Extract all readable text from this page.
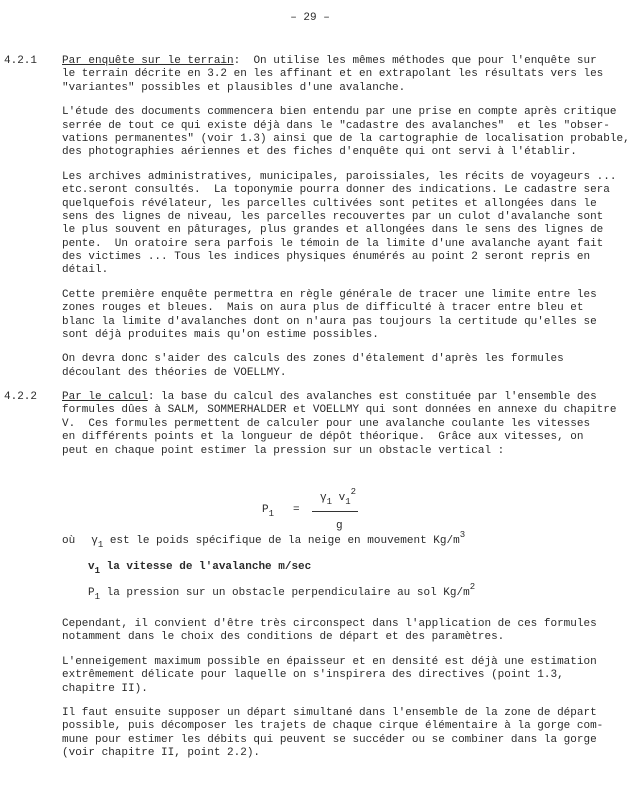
– 29 –
4.2.1 Par enquête sur le terrain:  On utilise les mêmes méthodes que pour l'enquête sur
le terrain décrite en 3.2 en les affinant et en extrapolant les résultats vers les
"variantes" possibles et plausibles d'une avalanche.
L'étude des documents commencera bien entendu par une prise en compte après critique
serrée de tout ce qui existe déjà dans le "cadastre des avalanches"  et les "obser-
vations permanentes" (voir 1.3) ainsi que de la cartographie de localisation probable,
des photographies aériennes et des fiches d'enquête qui ont servi à l'établir.
Les archives administratives, municipales, paroissiales, les récits de voyageurs ...
etc.seront consultés.  La toponymie pourra donner des indications. Le cadastre sera
quelquefois révélateur, les parcelles cultivées sont petites et allongées dans le
sens des lignes de niveau, les parcelles recouvertes par un culot d'avalanche sont
le plus souvent en pâturages, plus grandes et allongées dans le sens des lignes de
pente.  Un oratoire sera parfois le témoin de la limite d'une avalanche ayant fait
des victimes ... Tous les indices physiques énumérés au point 2 seront repris en
détail.
Cette première enquête permettra en règle générale de tracer une limite entre les
zones rouges et bleues.  Mais on aura plus de difficulté à tracer entre bleu et
blanc la limite d'avalanches dont on n'aura pas toujours la certitude qu'elles se
sont déjà produites mais qu'on estime possibles.
On devra donc s'aider des calculs des zones d'étalement d'après les formules
découlant des théories de VOELLMY.
4.2.2 Par le calcul: la base du calcul des avalanches est constituée par l'ensemble des
formules dûes à SALM, SOMMERHALDER et VOELLMY qui sont données en annexe du chapitre
V.  Ces formules permettent de calculer pour une avalanche coulante les vitesses
en différents points et la longueur de dépôt théorique.  Grâce aux vitesses, on
peut en chaque point estimer la pression sur un obstacle vertical :
$P_1$ =
$\gamma_1$ $v_1^2$
g
où $\gamma_1$ est le poids spécifique de la neige en mouvement $Kg/m^3$
$v_1$ la vitesse de l'avalanche m/sec
$P_1$ la pression sur un obstacle perpendiculaire au sol $Kg/m^2$
Cependant, il convient d'être très circonspect dans l'application de ces formules
notamment dans le choix des conditions de départ et des paramètres.
L'enneigement maximum possible en épaisseur et en densité est déjà une estimation
extrêmement délicate pour laquelle on s'inspirera des directives (point 1.3,
chapitre II).
Il faut ensuite supposer un départ simultané dans l'ensemble de la zone de départ
possible, puis décomposer les trajets de chaque cirque élémentaire à la gorge com-
mune pour estimer les débits qui peuvent se succéder ou se combiner dans la gorge
(voir chapitre II, point 2.2).
